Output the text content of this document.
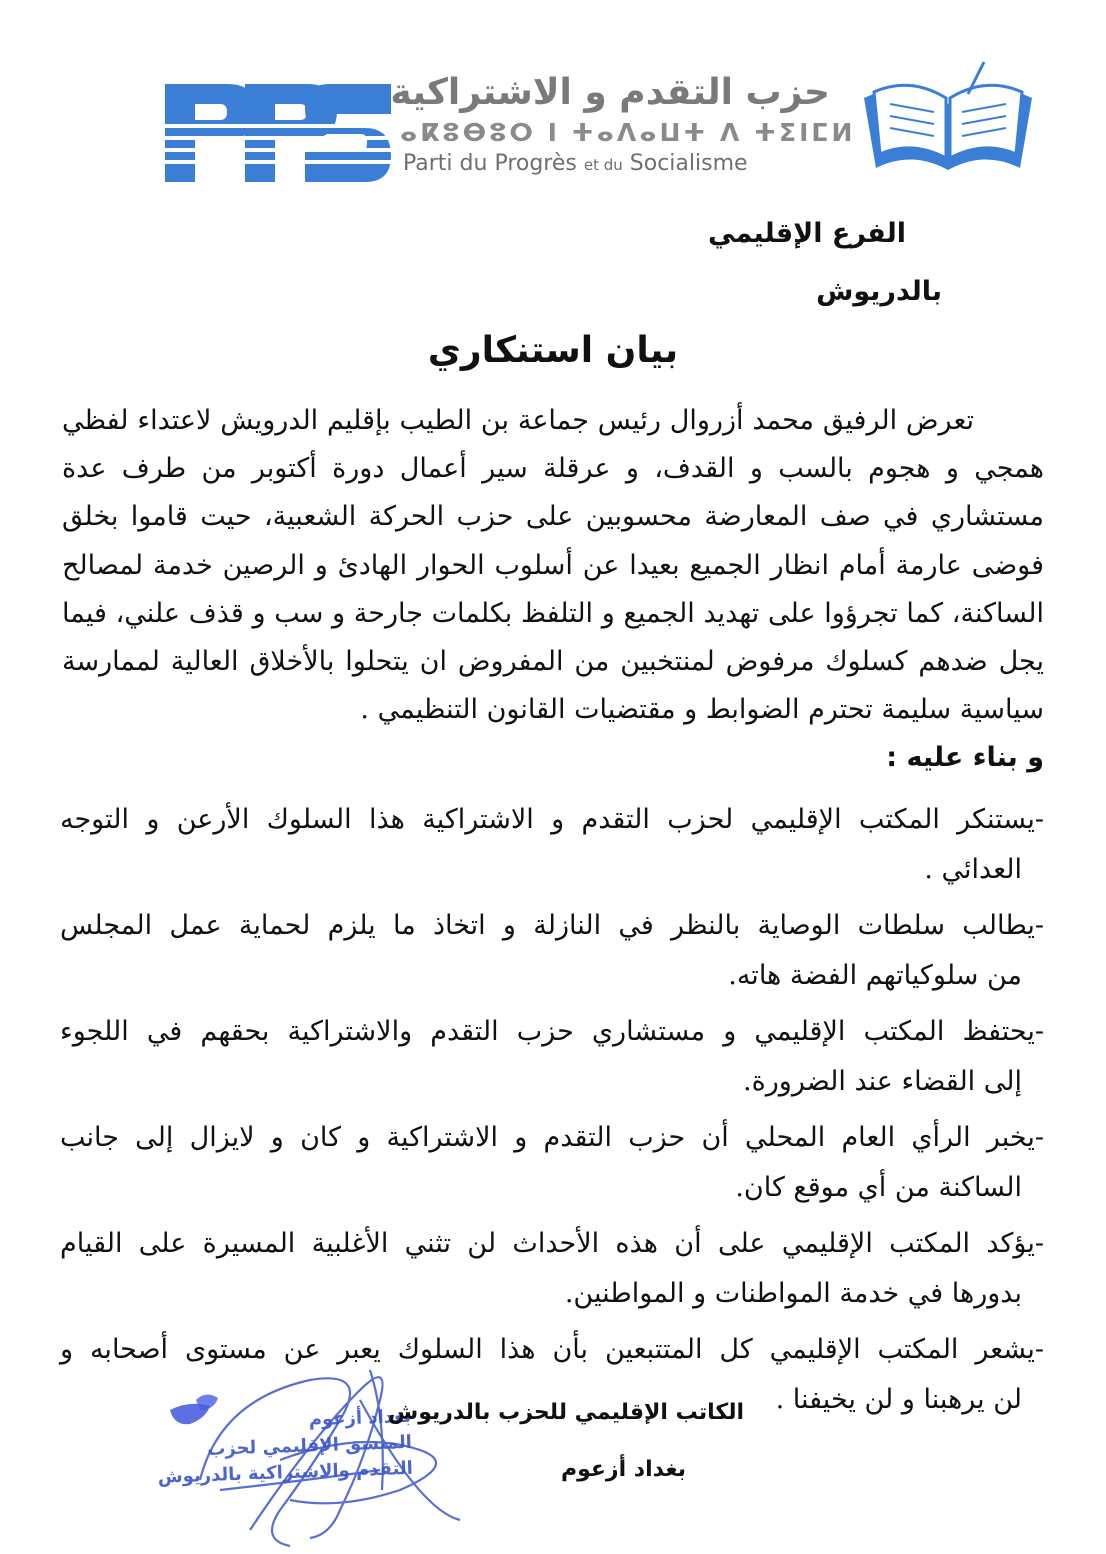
حزب التقدم و الاشتراكية
ⴰⴽⵓⴱⵓⵔ ⵏ ⵜⴰⴷⴰⵡⵜ ⴷ ⵜⵉⵏⵎⵍ
Parti du Progrès et du Socialisme
الفرع الإقليمي
بالدريوش
بيان استنكاري

تعرض الرفيق محمد أزروال رئيس جماعة بن الطيب بإقليم الدرويش لاعتداء لفظي همجي و هجوم بالسب و القدف، و عرقلة سير أعمال دورة أكتوبر من طرف عدة مستشاري في صف المعارضة محسوبين على حزب الحركة الشعبية، حيت قاموا بخلق فوضى عارمة أمام انظار الجميع بعيدا عن أسلوب الحوار الهادئ و الرصين خدمة لمصالح الساكنة، كما تجرؤوا على تهديد الجميع و التلفظ بكلمات جارحة و سب و قذف علني، فيما يجل ضدهم كسلوك مرفوض لمنتخبين من المفروض ان يتحلوا بالأخلاق العالية لممارسة سياسية سليمة تحترم الضوابط و مقتضيات القانون التنظيمي .

و بناء عليه :
-يستنكر المكتب الإقليمي لحزب التقدم و الاشتراكية هذا السلوك الأرعن و التوجه
العدائي .
-يطالب سلطات الوصاية بالنظر في النازلة و اتخاذ ما يلزم لحماية عمل المجلس
من سلوكياتهم الفضة هاته.
-يحتفظ المكتب الإقليمي و مستشاري حزب التقدم والاشتراكية بحقهم في اللجوء
إلى القضاء عند الضرورة.
-يخبر الرأي العام المحلي أن حزب التقدم و الاشتراكية و كان و لايزال إلى جانب
الساكنة من أي موقع كان.
-يؤكد المكتب الإقليمي على أن هذه الأحداث لن تثني الأغلبية المسيرة على القيام
بدورها في خدمة المواطنات و المواطنين.
-يشعر المكتب الإقليمي كل المتتبعين بأن هذا السلوك يعبر عن مستوى أصحابه و
لن يرهبنا و لن يخيفنا .
بغداد أزعوم
المنسق الإقليمي لحزب
التقدم والاشتراكية بالدريوش
الكاتب الإقليمي للحزب بالدريوش
بغداد أزعوم
